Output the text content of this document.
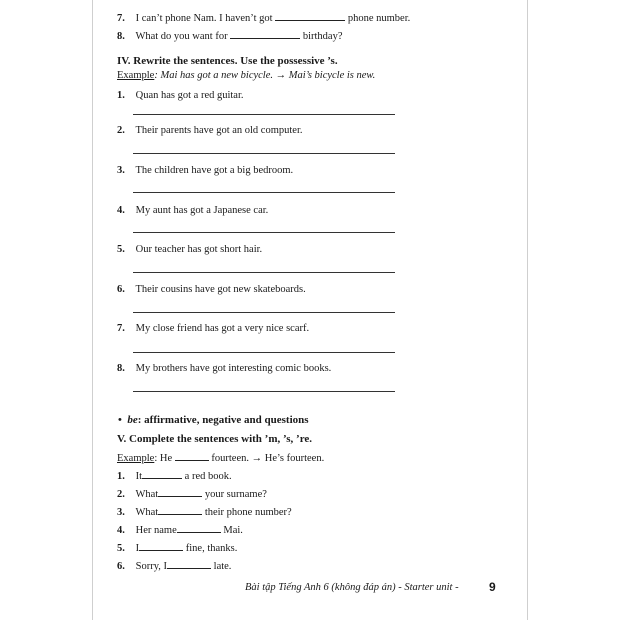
7. I can’t phone Nam. I haven’t got	phone number.
8. What do you want for	birthday?
IV. Rewrite the sentences. Use the possessive ’s.
Example: Mai has got a new bicycle. → Mai’s bicycle is new.
1. Quan has got a red guitar.
2. Their parents have got an old computer.
3. The children have got a big bedroom.
4. My aunt has got a Japanese car.
5. Our teacher has got short hair.
6. Their cousins have got new skateboards.
7. My close friend has got a very nice scarf.
8. My brothers have got interesting comic books.
• be: affirmative, negative and questions
V. Complete the sentences with ’m, ’s, ’re.
Example: He	fourteen. → He’s fourteen.
1. It	a red book.
2. What	your surname?
3. What	their phone number?
4. Her name	Mai.
5. I	fine, thanks.
6. Sorry, I	late.
Bài tập Tiếng Anh 6 (không đáp án) - Starter unit -	9
